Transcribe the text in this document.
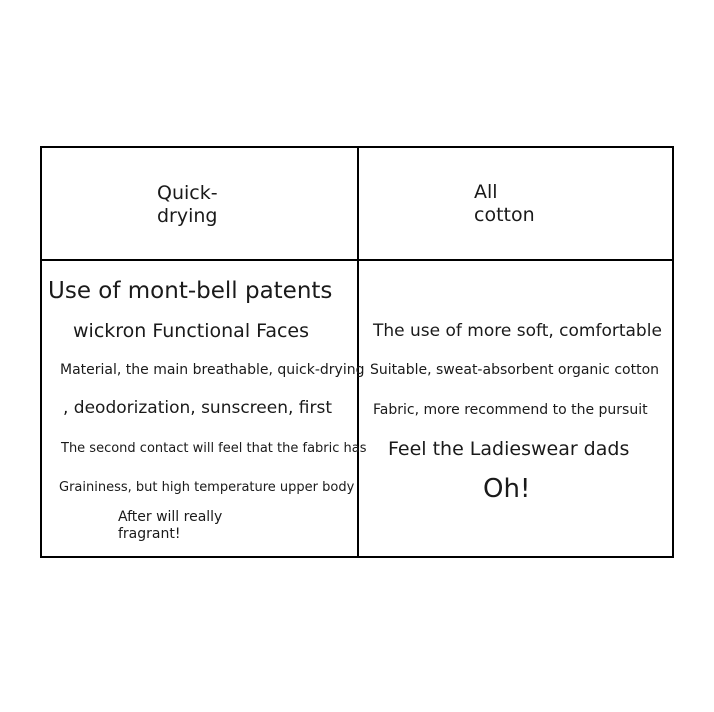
Quick-
drying
All
cotton
Use of mont-bell patents
wickron Functional Faces
Material, the main breathable, quick-drying
, deodorization, sunscreen, first
The second contact will feel that the fabric has
Graininess, but high temperature upper body
After will really fragrant!
The use of more soft, comfortable
Suitable, sweat-absorbent organic cotton
Fabric, more recommend to the pursuit
Feel the Ladieswear dads
Oh!
